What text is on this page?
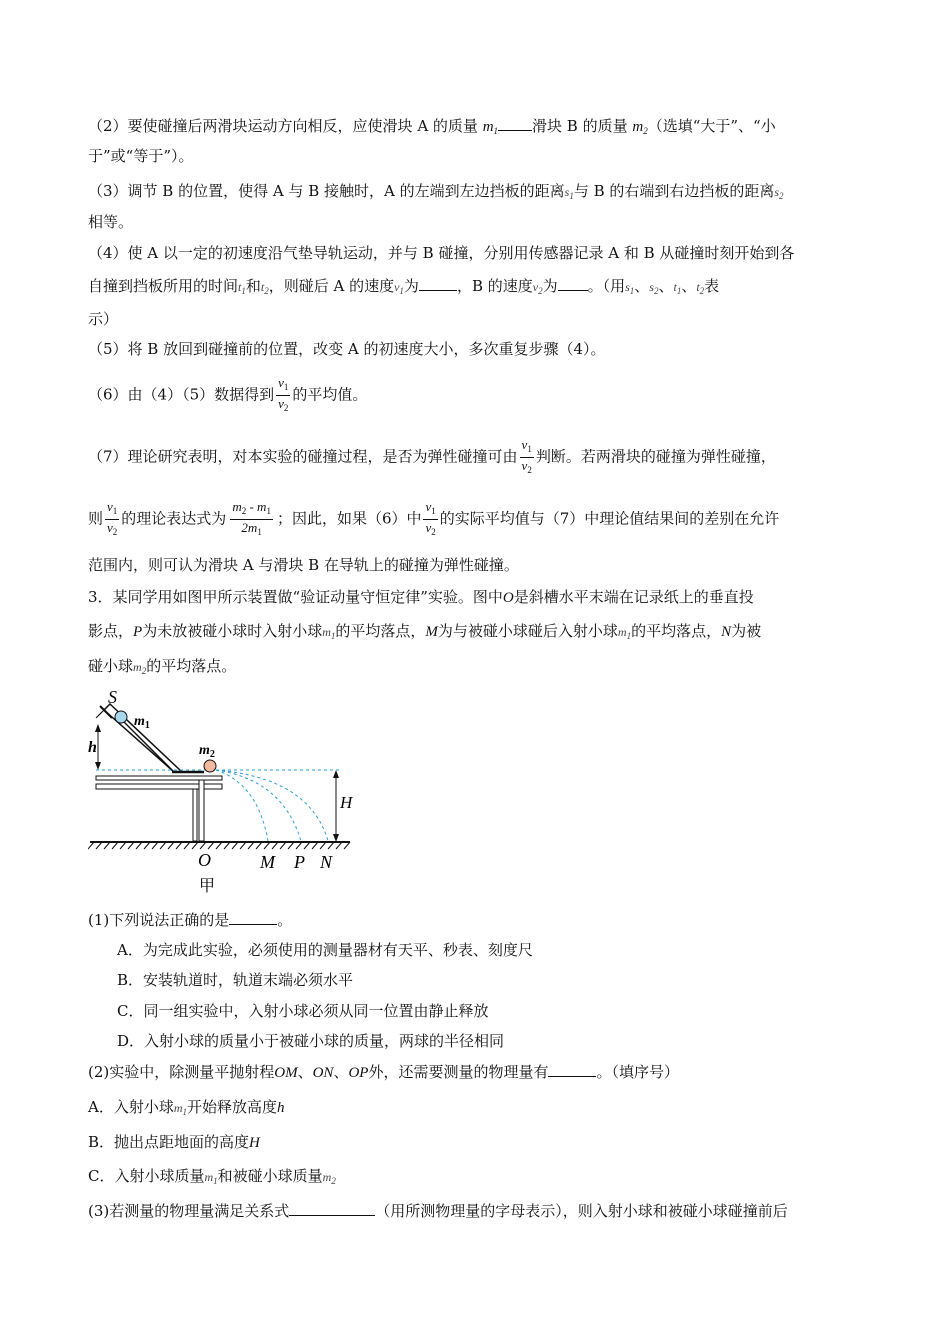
（2）要使碰撞后两滑块运动方向相反，应使滑块 A 的质量 $m_1$ 滑块 B 的质量 $m_2$（选填“大于”、“小
于”或“等于”）。
（3）调节 B 的位置，使得 A 与 B 接触时，A 的左端到左边挡板的距离$s_1$与 B 的右端到右边挡板的距离$s_2$
相等。
（4）使 A 以一定的初速度沿气垫导轨运动，并与 B 碰撞，分别用传感器记录 A 和 B 从碰撞时刻开始到各
自撞到挡板所用的时间$t_1$和$t_2$，则碰后 A 的速度$v_1$为	，B 的速度$v_2$为 。（用$s_1$、$s_2$、$t_1$、$t_2$表
示）
（5）将 B 放回到碰撞前的位置，改变 A 的初速度大小，多次重复步骤（4）。
（6）由（4）（5）数据得到 $\frac{v_1}{v_2}$ 的平均值。
（7）理论研究表明，对本实验的碰撞过程，是否为弹性碰撞可由 $\frac{v_1}{v_2}$ 判断。若两滑块的碰撞为弹性碰撞，
则 $\frac{v_1}{v_2}$ 的理论表达式为 $\frac{m_2 - m_1}{2m_1}$ ；因此，如果（6）中 $\frac{v_1}{v_2}$ 的实际平均值与（7）中理论值结果间的差别在允许
范围内，则可认为滑块 A 与滑块 B 在导轨上的碰撞为弹性碰撞。
3．某同学用如图甲所示装置做“验证动量守恒定律”实验。图中O是斜槽水平末端在记录纸上的垂直投
影点，P为未放被碰小球时入射小球$m_1$的平均落点，M为与被碰小球碰后入射小球$m_1$的平均落点，N为被
碰小球$m_2$的平均落点。
S
$m_1$
h	$m_2$
H
O	M P N
甲
(1)下列说法正确的是	。
A．为完成此实验，必须使用的测量器材有天平、秒表、刻度尺
B．安装轨道时，轨道末端必须水平
C．同一组实验中，入射小球必须从同一位置由静止释放
D．入射小球的质量小于被碰小球的质量，两球的半径相同
(2)实验中，除测量平抛射程OM、ON、OP外，还需要测量的物理量有	。（填序号）
A．入射小球$m_1$开始释放高度h
B．抛出点距地面的高度H
C．入射小球质量$m_1$和被碰小球质量$m_2$
(3)若测量的物理量满足关系式	（用所测物理量的字母表示），则入射小球和被碰小球碰撞前后
